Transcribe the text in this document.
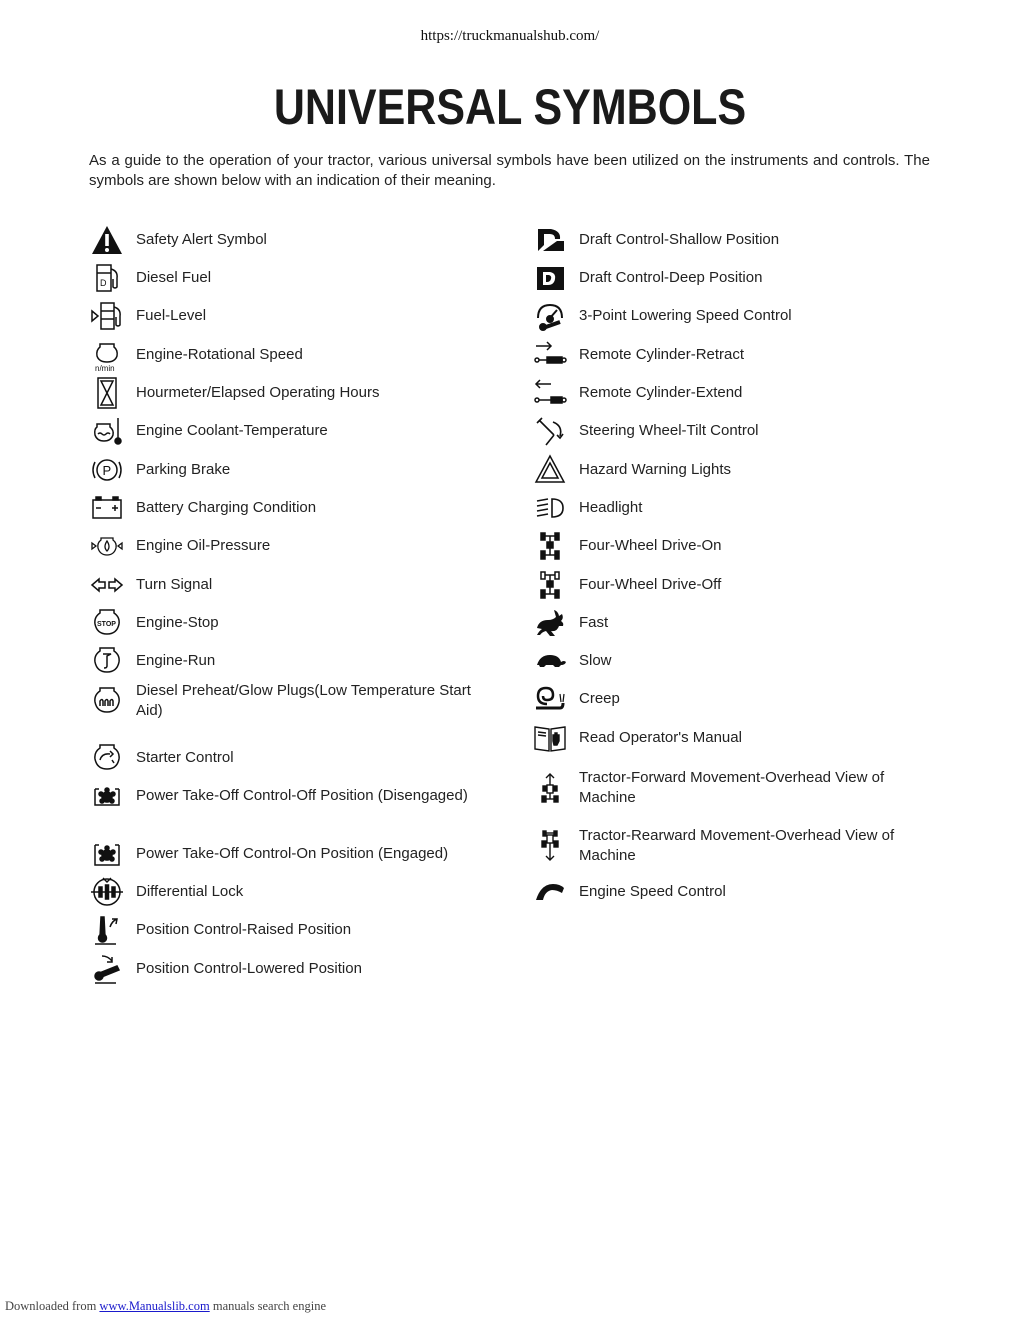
https://truckmanualshub.com/
UNIVERSAL SYMBOLS

As a guide to the operation of your tractor, various universal symbols have been utilized on the instruments and controls. The symbols are shown below with an indication of their meaning.

Safety Alert Symbol
D Diesel Fuel
Fuel-Level
n/min
Engine-Rotational Speed
Hourmeter/Elapsed Operating Hours
Engine Coolant-Temperature
P Parking Brake
Battery Charging Condition
Engine Oil-Pressure
Turn Signal
STOP Engine-Stop
Engine-Run
Diesel Preheat/Glow Plugs(Low Temperature Start Aid)
Starter Control
Power Take-Off Control-Off Position (Disengaged)
Power Take-Off Control-On Position (Engaged)
Differential Lock
Position Control-Raised Position
Position Control-Lowered Position
Draft Control-Shallow Position
Draft Control-Deep Position
3-Point Lowering Speed Control
Remote Cylinder-Retract
Remote Cylinder-Extend
Steering Wheel-Tilt Control
Hazard Warning Lights
Headlight
Four-Wheel Drive-On
Four-Wheel Drive-Off
Fast
Slow
Creep
Read Operator's Manual
Tractor-Forward Movement-Overhead View of Machine
Tractor-Rearward Movement-Overhead View of Machine
Engine Speed Control
Downloaded from www.Manualslib.com manuals search engine
